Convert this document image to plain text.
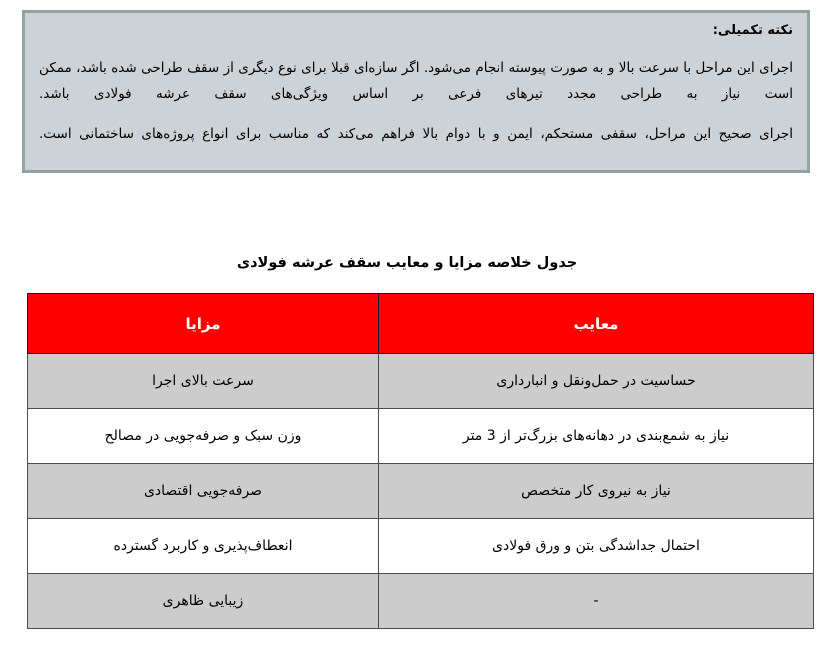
نکته تکمیلی:

اجرای این مراحل با سرعت بالا و به صورت پیوسته انجام می‌شود. اگر سازه‌ای قبلا برای نوع دیگری از سقف طراحی شده باشد، ممکن است نیاز به طراحی مجدد تیرهای فرعی بر اساس ویژگی‌های سقف عرشه فولادی باشد.

اجرای صحیح این مراحل، سقفی مستحکم، ایمن و با دوام بالا فراهم می‌کند که مناسب برای انواع پروژه‌های ساختمانی است.

جدول خلاصه مزایا و معایب سقف عرشه فولادی
معایب	مزایا
حساسیت در حمل‌ونقل و انبارداری	سرعت بالای اجرا
نیاز به شمع‌بندی در دهانه‌های بزرگ‌تر از 3 متر	وزن سبک و صرفه‌جویی در مصالح
نیاز به نیروی کار متخصص	صرفه‌جویی اقتصادی
احتمال جداشدگی بتن و ورق فولادی	انعطاف‌پذیری و کاربرد گسترده
-	زیبایی ظاهری
